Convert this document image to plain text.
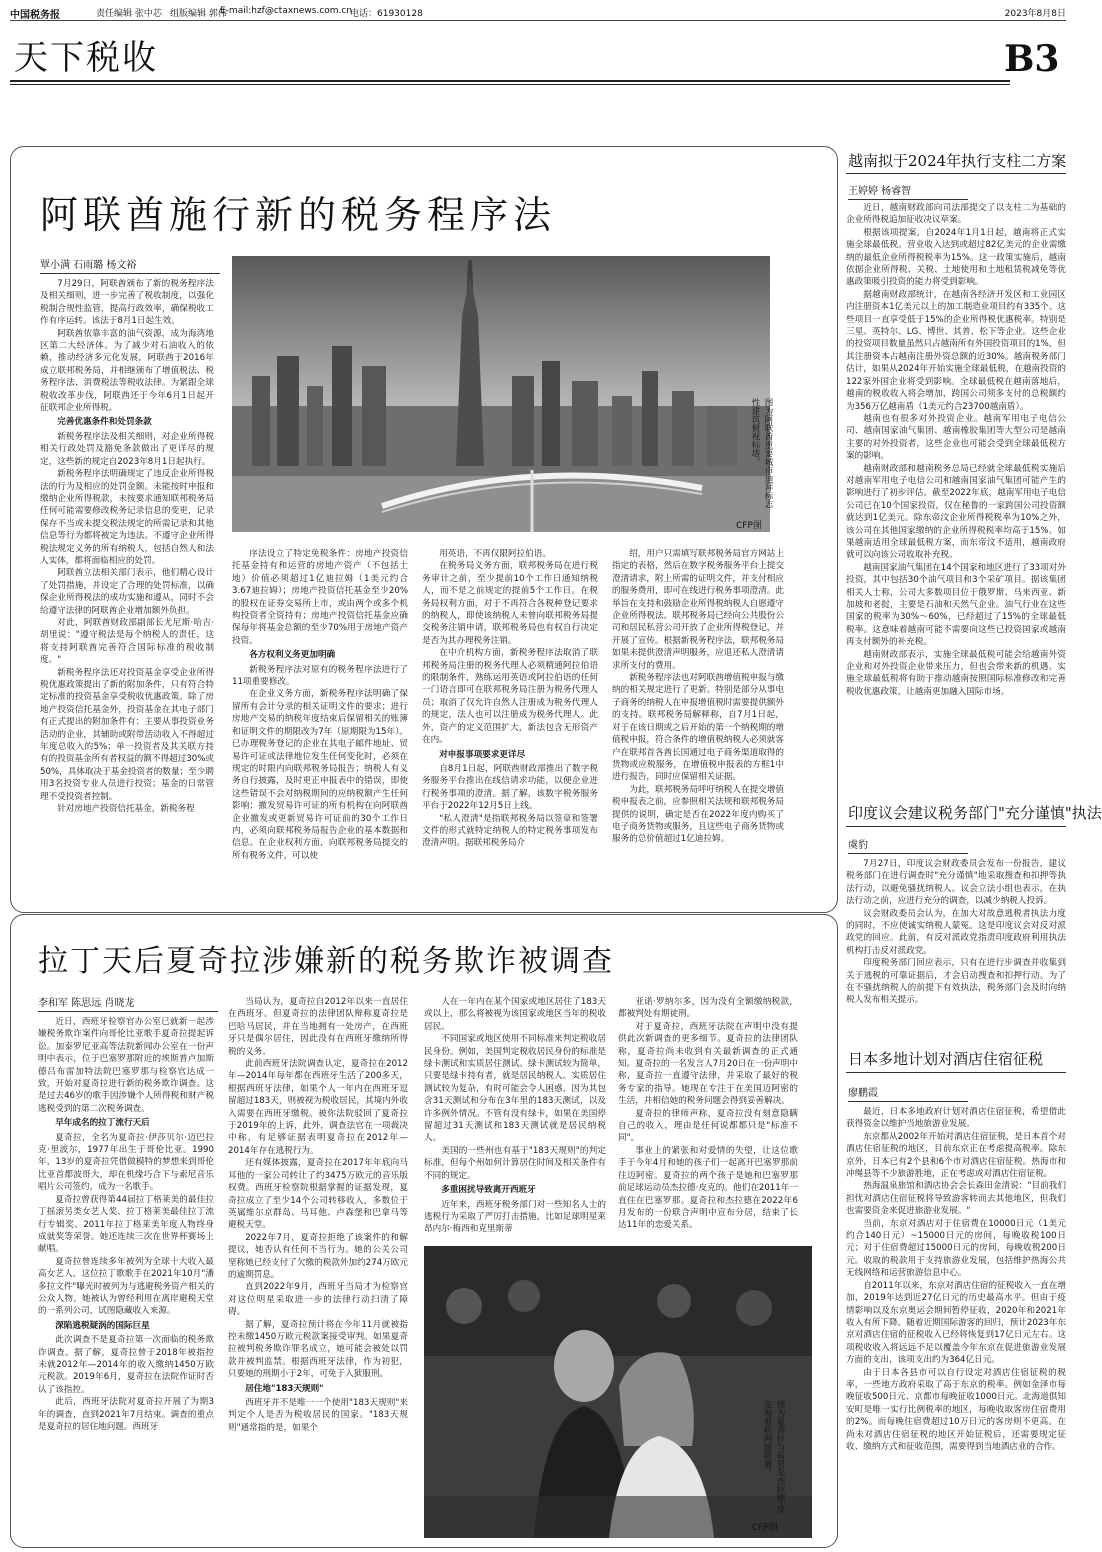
中国税务报	责任编辑 张中芯 组版编辑 郭伟
E-mail:hzf@ctaxnews.com.cn
电话：61930128	2023年8月8日
天下税收	B3
阿联酋施行新的税务程序法
覃小满 石雨璐 杨文裕

7月29日，阿联酋颁布了新的税务程序法及相关细则，进一步完善了税收制度，以强化税制合规性监管，提高行政效率，确保税收工作有序运转。该法于8月1日起生效。

阿联酋依靠丰富的油气资源，成为海湾地区第二大经济体。为了减少对石油收入的依赖，推动经济多元化发展，阿联酋于2016年成立联邦税务局，并相继颁布了增值税法、税务程序法、消费税法等税收法律。为紧跟全球税收改革步伐，阿联酋还于今年6月1日起开征联邦企业所得税。

完善优惠条件和处罚条款

新税务程序法及相关细则，对企业所得税相关行政处罚及豁免条款做出了更详尽的规定，这些新的规定自2023年8月1日起执行。

新税务程序法明确规定了违反企业所得税法的行为及相应的处罚金额。未能按时申报和缴纳企业所得税款，未按要求通知联邦税务局任何可能需要修改税务记录信息的变更，记录保存不当或未提交税法规定的所需记录和其他信息等行为都将被定为违法。不遵守企业所得税法规定义务的所有纳税人，包括自然人和法人实体，都将面临相应的处罚。

阿联酋立法相关部门表示，他们精心设计了处罚措施，并设定了合理的处罚标准，以确保企业所得税法的成功实施和遵从，同时不会给遵守法律的阿联酋企业增加额外负担。

对此，阿联酋财政部副部长尤尼斯·哈吉·胡里说："遵守税法是每个纳税人的责任，这将支持阿联酋完善符合国际标准的税收制度。"

新税务程序法还对投资基金享受企业所得税优惠政策提出了新的附加条件，只有符合特定标准的投资基金享受税收优惠政策。除了房地产投资信托基金外，投资基金在其电子部门有正式提出的附加条件有：主要从事投资业务活动的企业，其辅助或附带活动收入不得超过年度总收入的5%；单一投资者及其关联方持有的投资基金所有者权益的额不得超过30%或50%，具体取决于基金投资者的数量；至少聘用3名投资专业人员进行投资；基金的日常管理不受投资者控制。

针对房地产投资信托基金，新税务程

图为阿联酋重要城市迪拜标志性建筑俯视标塔。
CFP图

序法设立了特定免税条件：房地产投资信托基金持有和运营的房地产资产（不包括土地）价值必须超过1亿迪拉姆（1美元约合3.67迪拉姆）；房地产投资信托基金至少20%的股权在证券交易所上市，或由两个或多个机构投资者全资持有；房地产投资信托基金应确保每年将基金总额的至少70%用于房地产资产投资。

各方权利义务更加明确

新税务程序法对原有的税务程序法进行了11项重要修改。

在企业义务方面，新税务程序法明确了保留所有会计分录的相关证明文件的要求；进行房地产交易的纳税年度结束后保留相关的账簿和证明文件的期限改为7年（原期限为15年）。已办理税务登记的企业在其电子邮件地址、贸易许可证或法律地位发生任何变化时，必须在规定的时限内向联邦税务局报告；纳税人有义务自行披露，及时更正申报表中的错误，即使这些错误不会对纳税期间的应纳税额产生任何影响；撤发贸易许可证的所有机构在向阿联酋企业撤发或更新贸易许可证前的30个工作日内，必须向联邦税务局报告企业的基本数据和信息。在企业权利方面，向联邦税务局提交的所有税务文件，可以使

用英语，不再仅限阿拉伯语。

在税务局义务方面，联邦税务局在进行税务审计之前，至少提前10个工作日通知纳税人，而不是之前规定的提前5个工作日。在税务局权利方面，对于不再符合各税种登记要求的纳税人，即使该纳税人未曾向联邦税务局提交税务注销申请，联邦税务局也有权自行决定是否为其办理税务注销。

在中介机构方面，新税务程序法取消了联邦税务局注册的税务代理人必须精通阿拉伯语的限制条件，熟练运用英语或阿拉伯语的任何一门语言即可在联邦税务局注册为税务代理人员；取消了仅允许自然人注册成为税务代理人的规定，法人也可以注册成为税务代理人。此外，资产的定义范围扩大，新法包含无形资产在内。

对申报事项要求更详尽

自8月1日起，阿联酋财政部推出了数字税务服务平台推出在线信请求功能，以便企业进行税务事项的澄清。据了解，该数字税务服务平台于2022年12月5日上线。

"私人澄清"是指联邦税务局以签章和签署文件的形式就特定纳税人的特定税务事项发布澄清声明。据联邦税务局介

绍，用户只需填写联邦税务局官方网站上指定的表格，然后在数字税务服务平台上提交澄清请求，附上所需的证明文件，并支付相应的服务费用，即可在线进行税务事项澄清。此举旨在支持和鼓励企业所得税纳税人自愿遵守企业所得税法。联邦税务局已经向公共股份公司和居民私营公司开放了企业所得税登记，并开展了宣传。根据新税务程序法，联邦税务局如果未提供澄清声明服务，应退还私人澄清请求所支付的费用。

新税务程序法也对阿联酋增值税申报与缴纳的相关规定进行了更新。特别是部分从事电子商务的纳税人在申报增值税时需要提供额外的支持。联邦税务局解释称，自7月1日起，对于在该日期或之后开始的第一个纳税期的增值税申报，符合条件的增值税纳税人必须就客户在联邦首各酋长国通过电子商务渠道取得的货物或应税服务，在增值税申报表的方框1中进行报告，同时应保留相关证据。

为此，联邦税务局呼吁纳税人在提交增值税申报表之前，应参照相关法规和联邦税务局提供的说明，确定是否在2022年度内购买了电子商务货物或服务，且这些电子商务货物或服务的总价值超过1亿迪拉姆。

拉丁天后夏奇拉涉嫌新的税务欺诈被调查
李和军 陈思远 肖晓龙

近日，西班牙检察官办公室已就新一起涉嫌税务欺诈案件向哥伦比亚歌手夏奇拉提起诉讼。加泰罗尼亚高等法院新闻办公室在一份声明中表示，位于巴塞罗那附近的埃斯普卢加斯德吕布雷加特法院巴塞罗那与检察官达成一致，开始对夏奇拉进行新的税务欺诈调查。这是过去46岁的歌手因涉嫌个人所得税和财产税逃税受到的第二次税务调查。

早年成名的拉丁流行天后

夏奇拉，全名为夏奇拉·伊莎贝尔·迈巴拉克·里波尔，1977年出生于哥伦比亚。1990年，13岁的夏奇拉凭借做模特的梦想来到哥伦比亚首都波哥大，却在机缘巧合下与索尼音乐唱片公司签约，成为一名歌手。

夏奇拉曾获得第44届拉丁格莱美的最佳拉丁摇滚另类女艺人奖、拉丁格莱美最佳拉丁流行专辑奖、2011年拉丁格莱美年度人物终身成就奖等荣誉。她还连续三次在世界杯赛场上献唱。

夏奇拉曾连续多年被列为全球十大收入最高女艺人，这位拉丁歌歌手在2021年10月"潘多拉文件"曝光时被列为与逃避税务资产相关的公众人物。她被认为曾经利用在离岸避税天堂的一系列公司，试图隐藏收入来源。

深陷逃税疑涡的国际巨星

此次调查不是夏奇拉第一次面临的税务欺诈调查。据了解，夏奇拉曾于2018年被指控未就2012年—2014年的收入缴纳1450万欧元税款。2019年6月，夏奇拉在法院作证时否认了该指控。

此后，西班牙法院对夏奇拉开展了为期3年的调查，直到2021年7月结束。调查的重点是夏奇拉的居住地问题。西班牙

当局认为，夏奇拉自2012年以来一直居住在西班牙。但夏奇拉的法律团队辩称夏奇拉是巴哈马居民，并在当地拥有一处房产，在西班牙只是偶尔居住，因此没有在西班牙缴纳所得税的义务。

此前西班牙法院调查认定，夏奇拉在2012年—2014年每年都在西班牙生活了200多天，根据西班牙法律，如果个人一年内在西班牙逗留超过183天，则被视为税收居民，其境内外收入需要在西班牙缴税。被你法院驳回了夏奇拉于2019年的上诉，此外，调查法官在一项裁决中称，有足够证据表明夏奇拉在2012年—2014年存在逃税行为。

还有媒体披露，夏奇拉在2017年年底向马耳他的一家公司转让了约3475万欧元的音乐版权费。西班牙检察院根据掌握的证据发现，夏奇拉成立了至少14个公司转移收入，多数位于英属维尔京群岛、马耳他、卢森堡和巴拿马等避税天堂。

2022年7月，夏奇拉拒绝了该案件的和解提议，她否认有任何不当行为。她的公关公司坚称她已经支付了欠缴的税款外加约274万欧元的逾期罚息。

直到2022年9月，西班牙当局才为检察官对这位明星采取进一步的法律行动扫清了障碍。

据了解，夏奇拉预计将在今年11月就被指控未缴1450万欧元税款案接受审判。如果夏奇拉被判税务欺诈罪名成立，她可能会被处以罚款并被判监禁。根据西班牙法律，作为初犯，只要她的刑期小于2年，可免于入狱服刑。

居住地"183天规则"

西班牙并不是唯一一个使用"183天规则"来判定个人是否为税收居民的国家。"183天规则"通常指的是，如果个

人在一年内在某个国家或地区居住了183天或以上，那么将被视为该国家或地区当年的税收居民。

不同国家或地区使用不同标准来判定税收居民身份。例如，美国判定税收居民身份的标准是绿卡测试和实质居住测试。绿卡测试较为简单，只要是绿卡持有者，就是居民纳税人。实质居住测试较为复杂，有时可能会令人困惑，因为其包含31天测试和分布在3年里的183天测试，以及许多例外情况。不管有没有绿卡，如果在美国停留超过31天测试和183天测试就是居民纳税人。

美国的一些州也有基于"183天规则"的判定标准，但每个州如何计算居住时间及相关条件有不同的规定。

多重困扰导致离开西班牙

近年来，西班牙税务部门对一些知名人士的逃税行为采取了严厉打击措施，比如足球明星莱昂内尔·梅西和克里斯蒂

亚诺·罗纳尔多，因为没有全额缴纳税款，都被判处有期徒刑。

对于夏奇拉，西班牙法院在声明中没有提供此次新调查的更多细节。夏奇拉的法律团队称，夏奇拉尚未收到有关最新调查的正式通知。夏奇拉的一名发言人7月20日在一份声明中称，夏奇拉一直遵守法律，并采取了最好的税务专家的指导。她现在专注于在美国迈阿密的生活，并相信她的税务问题会得到妥善解决。

夏奇拉的律师声称，夏奇拉没有刻意隐瞒自己的收入，理由是任何说都都只是"标准不同"。

事业上的紧张和对爱情的失望，让这位歌手于今年4月和她的孩子们一起离开巴塞罗那前往迈阿密。夏奇拉的两个孩子是她和巴塞罗那前足球运动员杰拉德·皮克的。他们在2011年一直住在巴塞罗那。夏奇拉和杰拉德在2022年6月发布的一份联合声明中宣布分居，结束了长达11年的恋爱关系。

图为夏奇拉与前男友杰拉德·皮克观看职网球联赛。
CFP图
越南拟于2024年执行支柱二方案
王婷婷 杨睿智

近日，越南财政部向司法部提交了以支柱二为基础的企业所得税追加征收决议草案。

根据该项提案，自2024年1月1日起，越南将正式实施全球最低税。营业收入达到或超过82亿美元的企业需缴纳的最低企业所得税税率为15%。这一政策实施后，越南依据企业所得税、关税、土地使用和土地租赁税减免等优惠政策吸引投资的能力将受到影响。

据越南财政部统计，在越南各经济开发区和工业园区内注册资本1亿美元以上的加工制造业项目约有335个。这些项目一直享受低于15%的企业所得税优惠税率。特别是三星、英特尔、LG、博世、其普、松下等企业。这些企业的投资项目数量虽然只占越南所有外国投资项目的1%，但其注册资本占越南注册外资总额的近30%。越南税务部门估计，如果从2024年开始实施全球最低税，在越南投资的122家外国企业将受到影响。全球最低税在越南落地后，越南的税收收入将会增加，跨国公司须多支付的总税额约为356万亿越南盾（1美元约合23700越南盾）。

越南也有很多对外投资企业。越南军用电子电信公司、越南国家油气集团、越南橡胶集团等大型公司是越南主要的对外投资者，这些企业也可能会受到全球最低税方案的影响。

越南财政部和越南税务总局已经就全球最低税实施后对越南军用电子电信公司和越南国家油气集团可能产生的影响进行了初步评估。截至2022年底，越南军用电子电信公司已在10个国家投资，仅在秘鲁的一家跨国公司投资额就达到1亿美元。除东帝汶企业所得税税率为10%之外，该公司在其他国家缴纳的企业所得税税率均高于15%。如果越南适用全球最低税方案，而东帝汶不适用，越南政府就可以向该公司收取补充税。

越南国家油气集团在14个国家和地区进行了33项对外投资，其中包括30个油气项目和3个采矿项目。据该集团相关人士称，公司大多数项目位于俄罗斯、马来西亚、新加坡和老挝，主要是石油和天然气企业。油气行业在这些国家的税率为30%～60%，已经超过了15%的全球最低税率。这意味着越南可能不需要向这些已投资国家或越南再支付额外的补充税。

越南财政部表示，实施全球最低税可能会给越南外资企业和对外投资企业带来压力，但也会带来新的机遇。实施全球最低税将有助于推动越南按照国际标准修改和完善税收优惠政策，让越南更加融入国际市场。

印度议会建议税务部门"充分谨慎"执法
虞豹

7月27日，印度议会财政委员会发布一份报告，建议税务部门在进行调查时"充分谨慎"地采取搜查和扣押等执法行动，以避免骚扰纳税人。议会立法小组也表示，在执法行动之前，应进行充分的调查，以减少纳税人投诉。

议会财政委员会认为，在加大对故意逃税者执法力度的同时，不应使诚实纳税人蒙冤。这是印度议会对反对派政党的回应。此前，有反对派政党指责印度政府利用执法机构打击反对派政党。

印度税务部门回应表示，只有在进行步调查并收集到关于逃税的可靠证据后，才会启动搜查和扣押行动。为了在不骚扰纳税人的前提下有效执法，税务部门会及时向纳税人发布相关提示。

日本多地计划对酒店住宿征税
廖鹏霞

最近，日本多地政府计划对酒店住宿征税，希望借此获得资金以维护当地旅游业发展。

东京都从2002年开始对酒店住宿征税，是日本首个对酒店住宿征税的地区，目前东京正在考虑提高税率。除东京外，日本已有2个县和6个市对酒店住宿征税。热海市和冲绳县等不少旅游胜地，正在考虑或对酒店住宿征税。

热海温泉旅馆和酒店协会会长森田金清说："目前我们担忧对酒店住宿征税将导致游客转而去其他地区，但我们也需要资金来促进旅游业发展。"

当前，东京对酒店对于住宿费在10000日元（1美元约合140日元）~15000日元的房间，每晚收税100日元；对于住宿费超过15000日元的房间，每晚收税200日元。收取的税款用于支持旅游业发展，包括维护热海公共无线网络和运营旅游信息中心。

自2011年以来，东京对酒店住宿的征税收入一直在增加，2019年达到近27亿日元的历史最高水平。但由于疫情影响以及东京奥运会期间暂停征收，2020年和2021年收入有所下降。随着近期国际游客的回归，预计2023年东京对酒店住宿的征税收入已经将恢复到17亿日元左右。这项税收收入将远远不足以覆盖今年东京在促进旅游业发展方面的支出，该项支出约为364亿日元。

由于日本各县市可以自行设定对酒店住宿征税的税率，一些地方政府采取了高于东京的税率。例如金泽市每晚征收500日元、京都市每晚征收1000日元。北海道倶知安町是唯一实行比例税率的地区，每晚收取客房住宿费用的2%。而每晚住宿费超过10万日元的客房则不更高。在尚未对酒店住宿征税的地区开始征税后，还需要规定征收、缴纳方式和征收范围，需要得到当地酒店业的合作。
